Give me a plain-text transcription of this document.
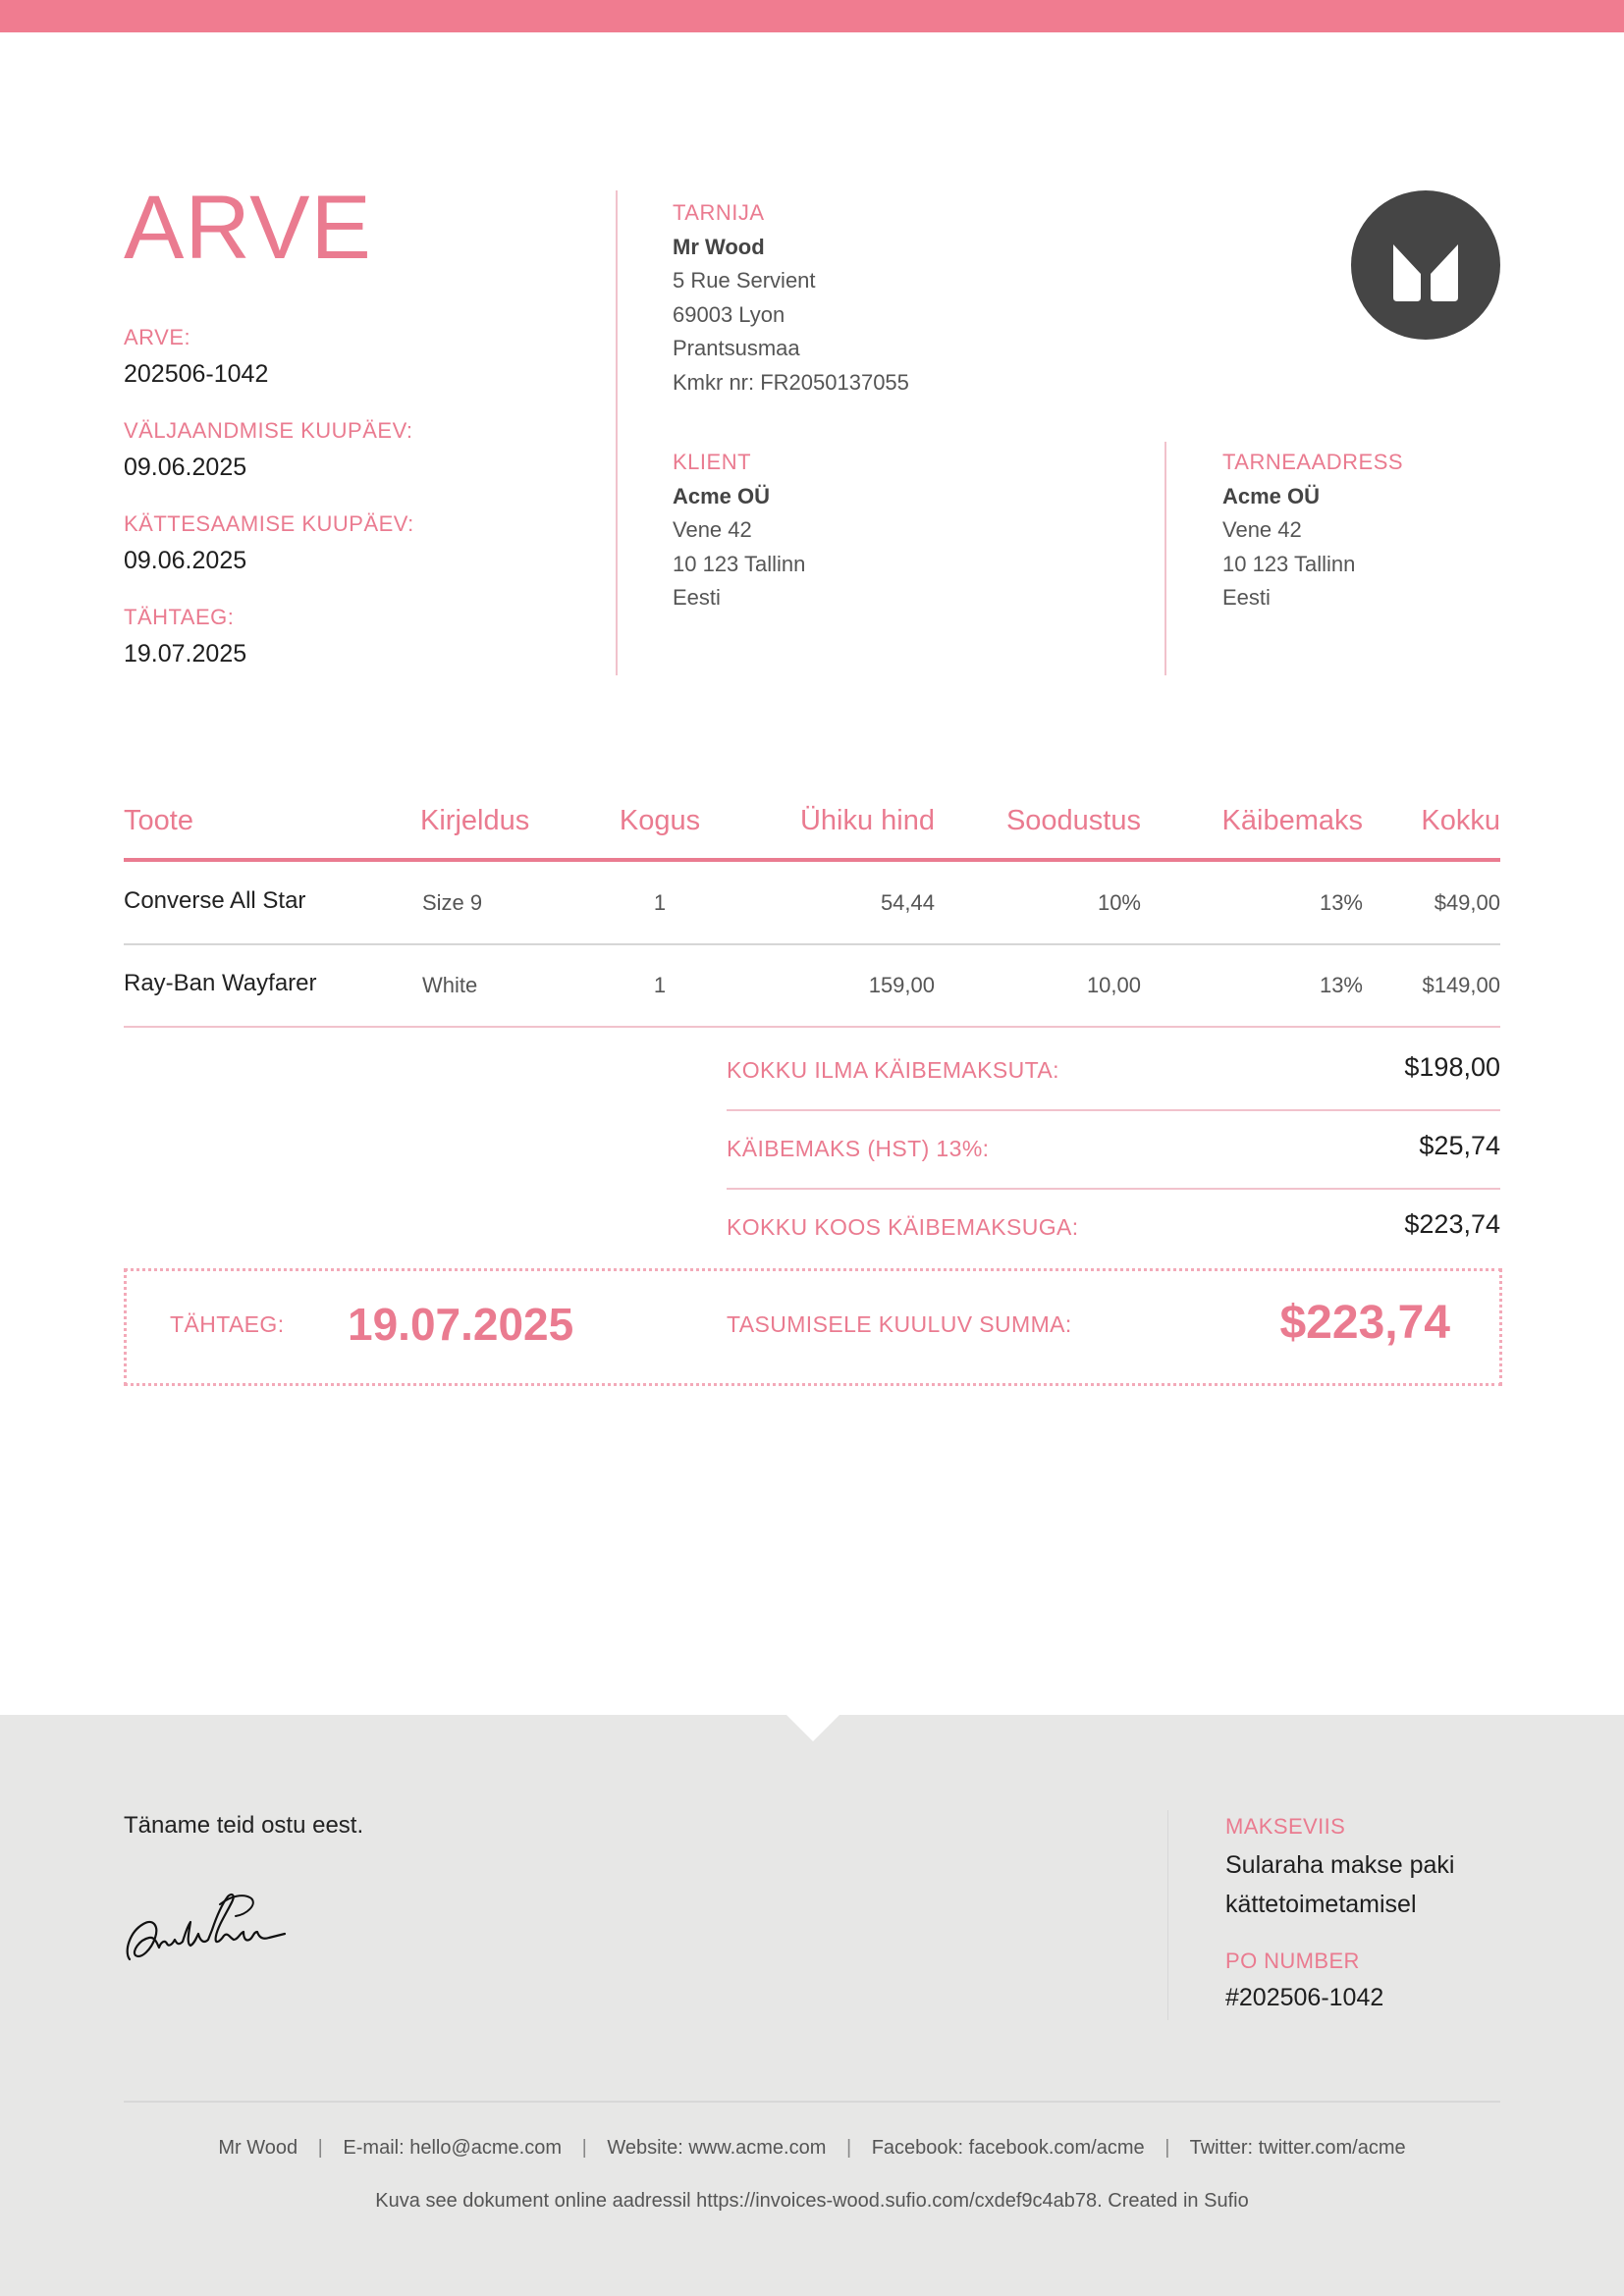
ARVE
ARVE:
202506-1042
VÄLJAANDMISE KUUPÄEV:
09.06.2025
KÄTTESAAMISE KUUPÄEV:
09.06.2025
TÄHTAEG:
19.07.2025
TARNIJA
Mr Wood
5 Rue Servient
69003 Lyon
Prantsusmaa
Kmkr nr: FR2050137055
KLIENT
Acme OÜ
Vene 42
10 123 Tallinn
Eesti
TARNEAADRESS
Acme OÜ
Vene 42
10 123 Tallinn
Eesti
Toote	Kirjeldus	Kogus	Ühiku hind	Soodustus	Käibemaks	Kokku
Converse All Star	Size 9	1	54,44	10%	13%	$49,00
Ray-Ban Wayfarer	White	1	159,00	10,00	13%	$149,00
KOKKU ILMA KÄIBEMAKSUTA:	$198,00
KÄIBEMAKS (HST) 13%:	$25,74
KOKKU KOOS KÄIBEMAKSUGA:	$223,74
TÄHTAEG: 19.07.2025	TASUMISELE KUULUV SUMMA:	$223,74
Täname teid ostu eest.	MAKSEVIIS
Sularaha makse paki
kättetoimetamisel
PO NUMBER
#202506-1042
Mr Wood | E-mail: hello@acme.com | Website: www.acme.com | Facebook: facebook.com/acme | Twitter: twitter.com/acme
Kuva see dokument online aadressil https://invoices-wood.sufio.com/cxdef9c4ab78. Created in Sufio
